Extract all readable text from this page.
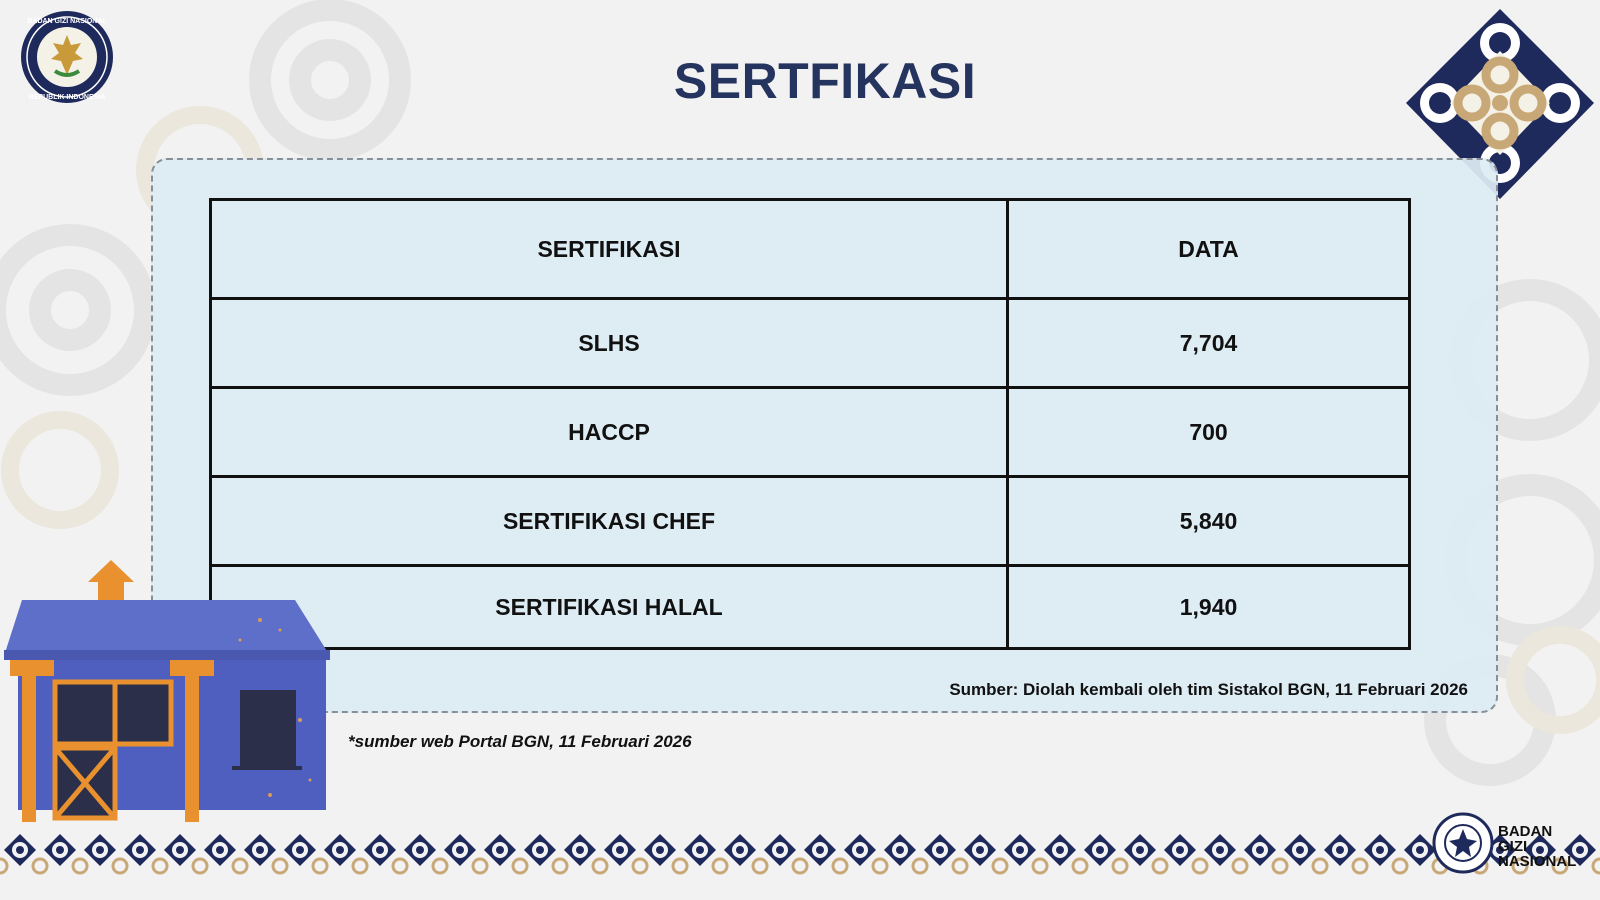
BADAN GIZI NASIONAL
REPUBLIK INDONESIA	SERTFIKASI
SERTIFIKASI	DATA
SLHS	7,704
HACCP	700
SERTIFIKASI CHEF	5,840
SERTIFIKASI HALAL	1,940
Sumber: Diolah kembali oleh tim Sistakol BGN, 11 Februari 2026
*sumber web Portal BGN, 11 Februari 2026
BADAN
GIZI
NASIONAL
